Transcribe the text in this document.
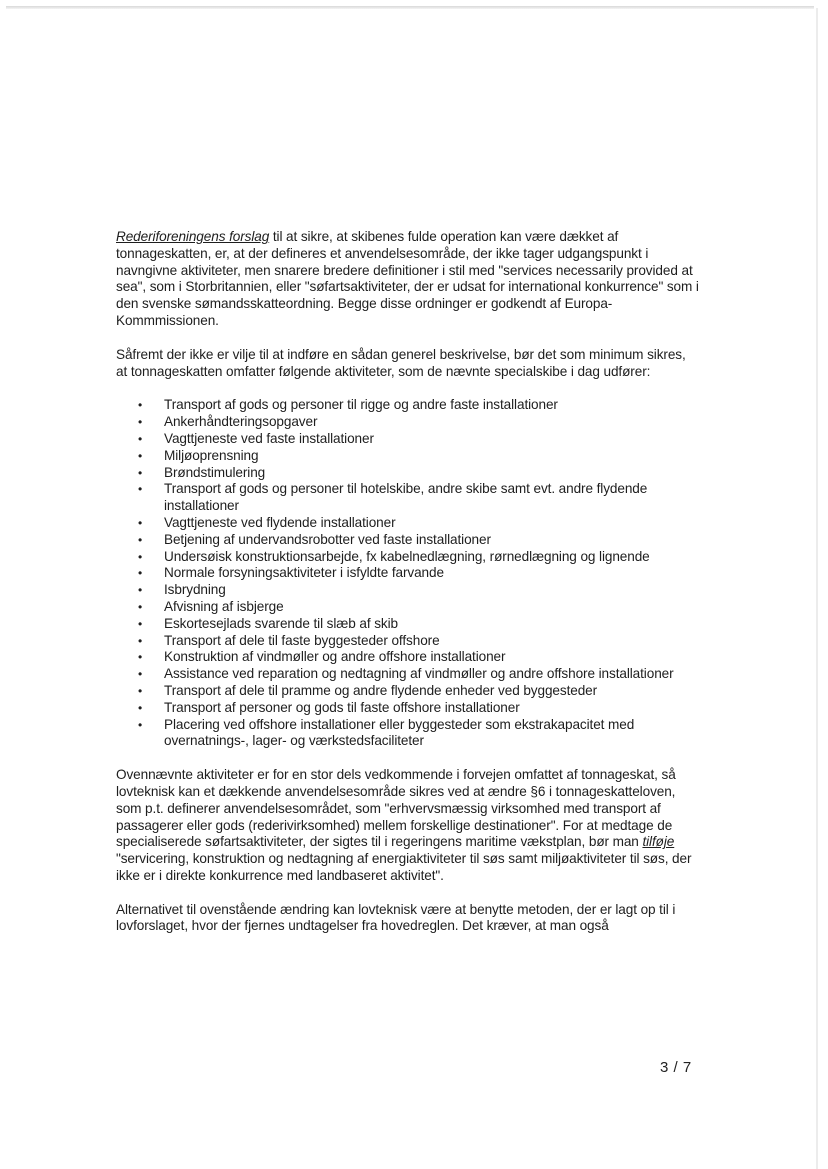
Rederiforeningens forslag til at sikre, at skibenes fulde operation kan være dækket af tonnageskatten, er, at der defineres et anvendelsesområde, der ikke tager udgangspunkt i navngivne aktiviteter, men snarere bredere definitioner i stil med "services necessarily provided at sea", som i Storbritannien, eller "søfartsaktiviteter, der er udsat for international konkurrence" som i den svenske sømandsskatteordning. Begge disse ordninger er godkendt af Europa-Kommmissionen.

Såfremt der ikke er vilje til at indføre en sådan generel beskrivelse, bør det som minimum sikres, at tonnageskatten omfatter følgende aktiviteter, som de nævnte specialskibe i dag udfører:

• Transport af gods og personer til rigge og andre faste installationer
• Ankerhåndteringsopgaver
• Vagttjeneste ved faste installationer
• Miljøoprensning
• Brøndstimulering
• Transport af gods og personer til hotelskibe, andre skibe samt evt. andre flydende installationer
• Vagttjeneste ved flydende installationer
• Betjening af undervandsrobotter ved faste installationer
• Undersøisk konstruktionsarbejde, fx kabelnedlægning, rørnedlægning og lignende
• Normale forsyningsaktiviteter i isfyldte farvande
• Isbrydning
• Afvisning af isbjerge
• Eskortesejlads svarende til slæb af skib
• Transport af dele til faste byggesteder offshore
• Konstruktion af vindmøller og andre offshore installationer
• Assistance ved reparation og nedtagning af vindmøller og andre offshore installationer
• Transport af dele til pramme og andre flydende enheder ved byggesteder
• Transport af personer og gods til faste offshore installationer
• Placering ved offshore installationer eller byggesteder som ekstrakapacitet med overnatnings-, lager- og værkstedsfaciliteter

Ovennævnte aktiviteter er for en stor dels vedkommende i forvejen omfattet af tonnageskat, så lovteknisk kan et dækkende anvendelsesområde sikres ved at ændre §6 i tonnageskatteloven, som p.t. definerer anvendelsesområdet, som "erhvervsmæssig virksomhed med transport af passagerer eller gods (rederivirksomhed) mellem forskellige destinationer". For at medtage de specialiserede søfartsaktiviteter, der sigtes til i regeringens maritime vækstplan, bør man tilføje "servicering, konstruktion og nedtagning af energiaktiviteter til søs samt miljøaktiviteter til søs, der ikke er i direkte konkurrence med landbaseret aktivitet".

Alternativet til ovenstående ændring kan lovteknisk være at benytte metoden, der er lagt op til i lovforslaget, hvor der fjernes undtagelser fra hovedreglen. Det kræver, at man også

3 / 7
